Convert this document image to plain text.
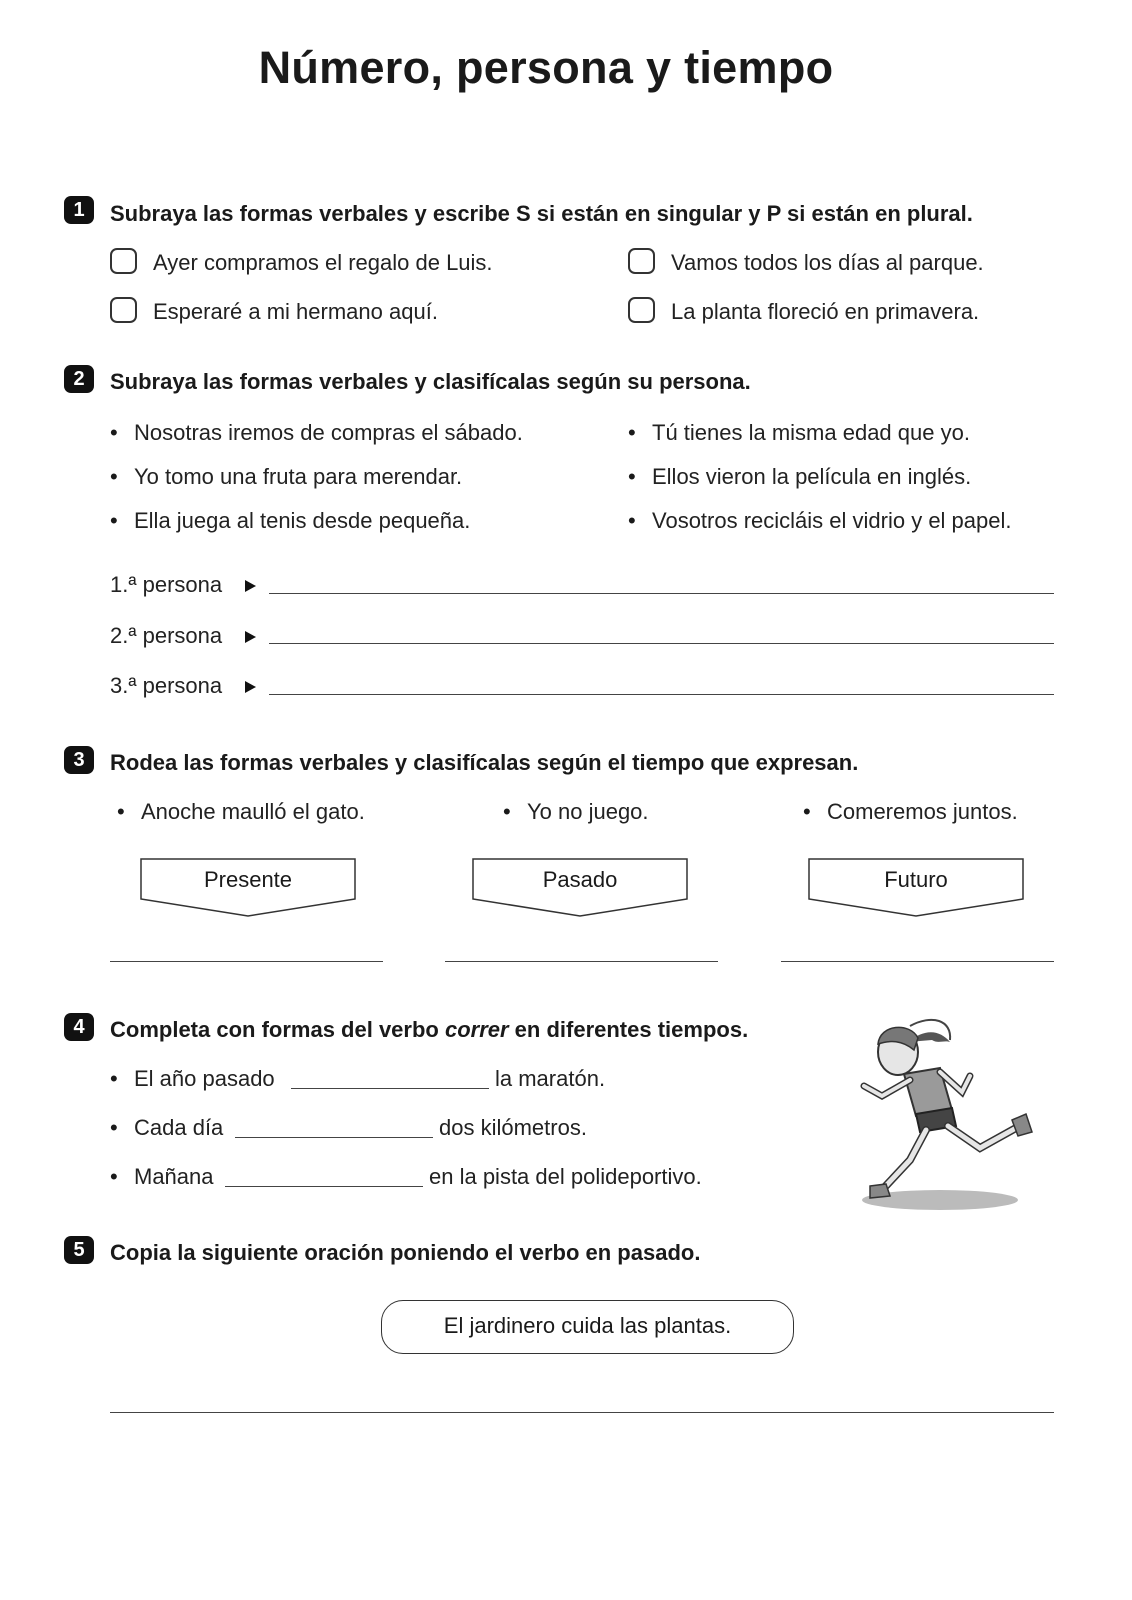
Número, persona y tiempo
1	Subraya las formas verbales y escribe S si están en singular y P si están en plural.
Ayer compramos el regalo de Luis.	Vamos todos los días al parque.
Esperaré a mi hermano aquí.	La planta floreció en primavera.
2	Subraya las formas verbales y clasifícalas según su persona.
• Nosotras iremos de compras el sábado.	• Tú tienes la misma edad que yo.
• Yo tomo una fruta para merendar.	• Ellos vieron la película en inglés.
• Ella juega al tenis desde pequeña.	• Vosotros recicláis el vidrio y el papel.
1.ª persona
2.ª persona
3.ª persona
3	Rodea las formas verbales y clasifícalas según el tiempo que expresan.
• Anoche maulló el gato.	• Yo no juego.	• Comeremos juntos.
Presente	Pasado	Futuro
4	Completa con formas del verbo correr en diferentes tiempos.
• El año pasado	la maratón.
• Cada día	dos kilómetros.
• Mañana	en la pista del polideportivo.
5	Copia la siguiente oración poniendo el verbo en pasado.
El jardinero cuida las plantas.
